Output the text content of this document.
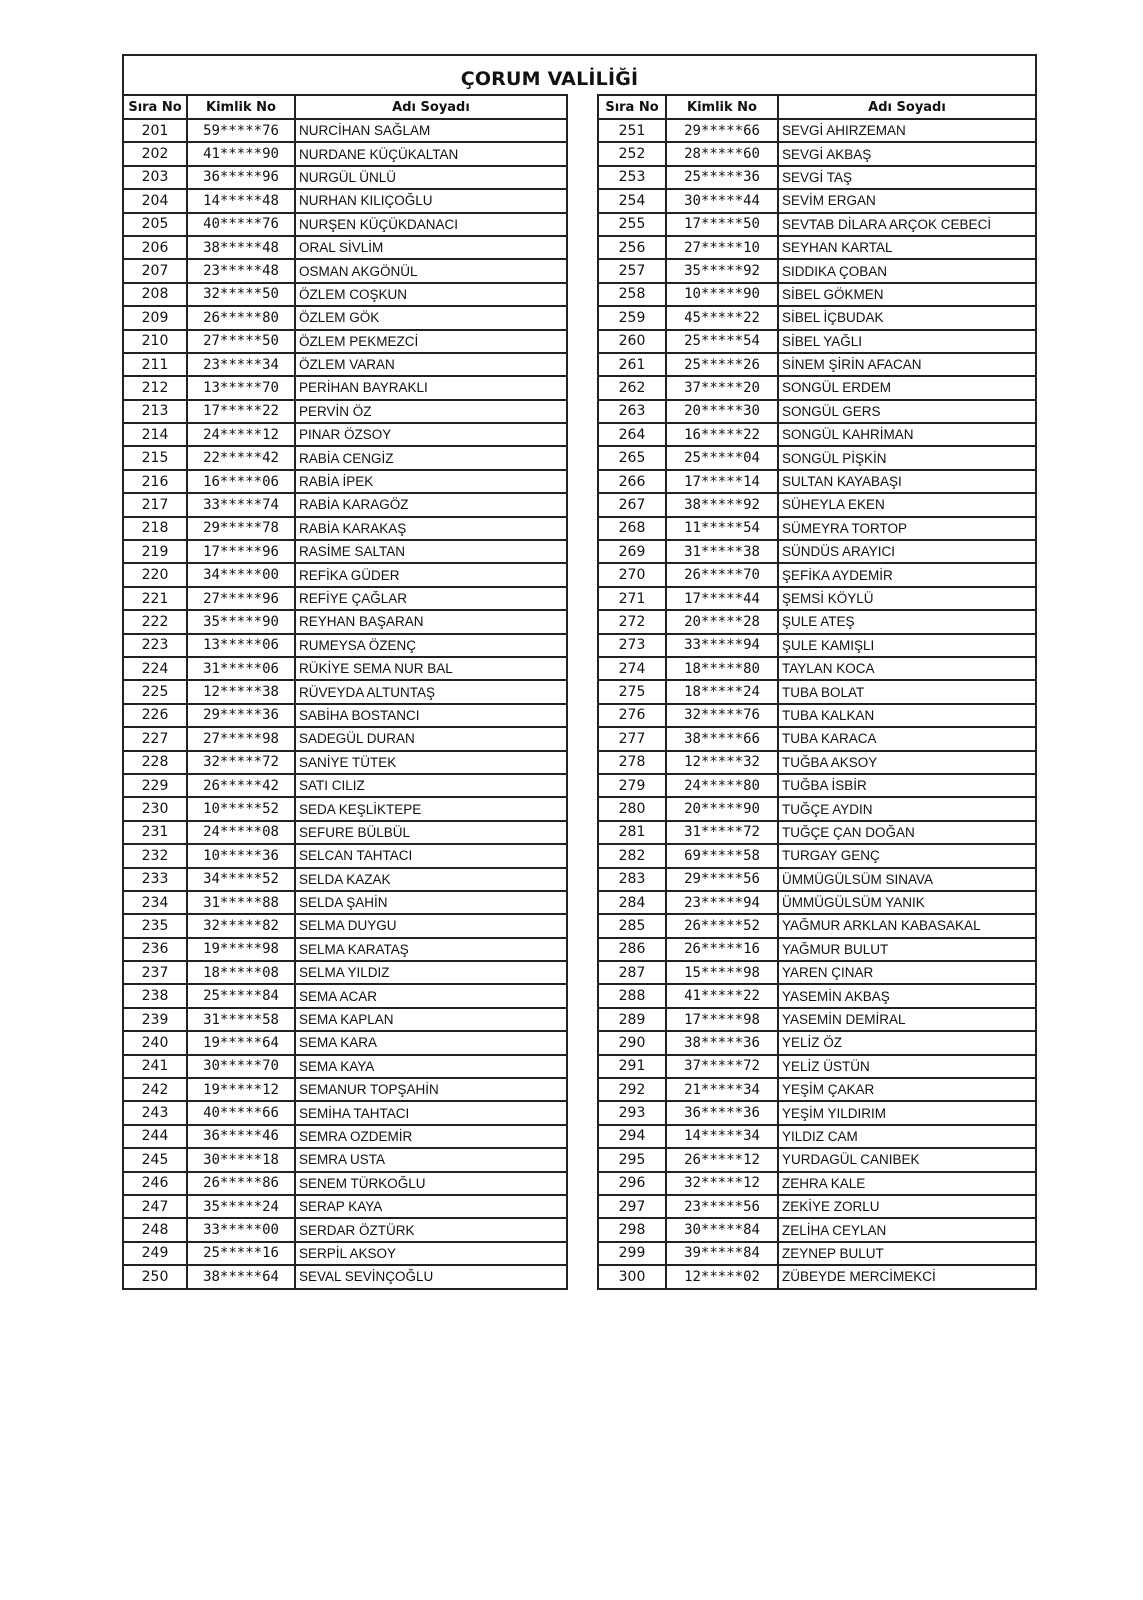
ÇORUM VALİLİĞİ
Sıra No	Kimlik No	Adı Soyadı
201	59*****76	NURCİHAN SAĞLAM
202	41*****90	NURDANE KÜÇÜKALTAN
203	36*****96	NURGÜL ÜNLÜ
204	14*****48	NURHAN KILIÇOĞLU
205	40*****76	NURŞEN KÜÇÜKDANACI
206	38*****48	ORAL SİVLİM
207	23*****48	OSMAN AKGÖNÜL
208	32*****50	ÖZLEM COŞKUN
209	26*****80	ÖZLEM GÖK
210	27*****50	ÖZLEM PEKMEZCİ
211	23*****34	ÖZLEM VARAN
212	13*****70	PERİHAN BAYRAKLI
213	17*****22	PERVİN ÖZ
214	24*****12	PINAR ÖZSOY
215	22*****42	RABİA CENGİZ
216	16*****06	RABİA İPEK
217	33*****74	RABİA KARAGÖZ
218	29*****78	RABİA KARAKAŞ
219	17*****96	RASİME SALTAN
220	34*****00	REFİKA GÜDER
221	27*****96	REFİYE ÇAĞLAR
222	35*****90	REYHAN BAŞARAN
223	13*****06	RUMEYSA ÖZENÇ
224	31*****06	RÜKİYE SEMA NUR BAL
225	12*****38	RÜVEYDA ALTUNTAŞ
226	29*****36	SABİHA BOSTANCI
227	27*****98	SADEGÜL DURAN
228	32*****72	SANİYE TÜTEK
229	26*****42	SATI CILIZ
230	10*****52	SEDA KEŞLİKTEPE
231	24*****08	SEFURE BÜLBÜL
232	10*****36	SELCAN TAHTACI
233	34*****52	SELDA KAZAK
234	31*****88	SELDA ŞAHİN
235	32*****82	SELMA DUYGU
236	19*****98	SELMA KARATAŞ
237	18*****08	SELMA YILDIZ
238	25*****84	SEMA ACAR
239	31*****58	SEMA KAPLAN
240	19*****64	SEMA KARA
241	30*****70	SEMA KAYA
242	19*****12	SEMANUR TOPŞAHİN
243	40*****66	SEMİHA TAHTACI
244	36*****46	SEMRA OZDEMİR
245	30*****18	SEMRA USTA
246	26*****86	SENEM TÜRKOĞLU
247	35*****24	SERAP KAYA
248	33*****00	SERDAR ÖZTÜRK
249	25*****16	SERPİL AKSOY
250	38*****64	SEVAL SEVİNÇOĞLU
Sıra No	Kimlik No	Adı Soyadı
251	29*****66	SEVGİ AHIRZEMAN
252	28*****60	SEVGİ AKBAŞ
253	25*****36	SEVGİ TAŞ
254	30*****44	SEVİM ERGAN
255	17*****50	SEVTAB DİLARA ARÇOK CEBECİ
256	27*****10	SEYHAN KARTAL
257	35*****92	SIDDIKA ÇOBAN
258	10*****90	SİBEL GÖKMEN
259	45*****22	SİBEL İÇBUDAK
260	25*****54	SİBEL YAĞLI
261	25*****26	SİNEM ŞİRİN AFACAN
262	37*****20	SONGÜL ERDEM
263	20*****30	SONGÜL GERS
264	16*****22	SONGÜL KAHRİMAN
265	25*****04	SONGÜL PİŞKİN
266	17*****14	SULTAN KAYABAŞI
267	38*****92	SÜHEYLA EKEN
268	11*****54	SÜMEYRA TORTOP
269	31*****38	SÜNDÜS ARAYICI
270	26*****70	ŞEFİKA AYDEMİR
271	17*****44	ŞEMSİ KÖYLÜ
272	20*****28	ŞULE ATEŞ
273	33*****94	ŞULE KAMIŞLI
274	18*****80	TAYLAN KOCA
275	18*****24	TUBA BOLAT
276	32*****76	TUBA KALKAN
277	38*****66	TUBA KARACA
278	12*****32	TUĞBA AKSOY
279	24*****80	TUĞBA İSBİR
280	20*****90	TUĞÇE AYDIN
281	31*****72	TUĞÇE ÇAN DOĞAN
282	69*****58	TURGAY GENÇ
283	29*****56	ÜMMÜGÜLSÜM SINAVA
284	23*****94	ÜMMÜGÜLSÜM YANIK
285	26*****52	YAĞMUR ARKLAN KABASAKAL
286	26*****16	YAĞMUR BULUT
287	15*****98	YAREN ÇINAR
288	41*****22	YASEMİN AKBAŞ
289	17*****98	YASEMİN DEMİRAL
290	38*****36	YELİZ ÖZ
291	37*****72	YELİZ ÜSTÜN
292	21*****34	YEŞİM ÇAKAR
293	36*****36	YEŞİM YILDIRIM
294	14*****34	YILDIZ CAM
295	26*****12	YURDAGÜL CANIBEK
296	32*****12	ZEHRA KALE
297	23*****56	ZEKİYE ZORLU
298	30*****84	ZELİHA CEYLAN
299	39*****84	ZEYNEP BULUT
300	12*****02	ZÜBEYDE MERCİMEKCİ
